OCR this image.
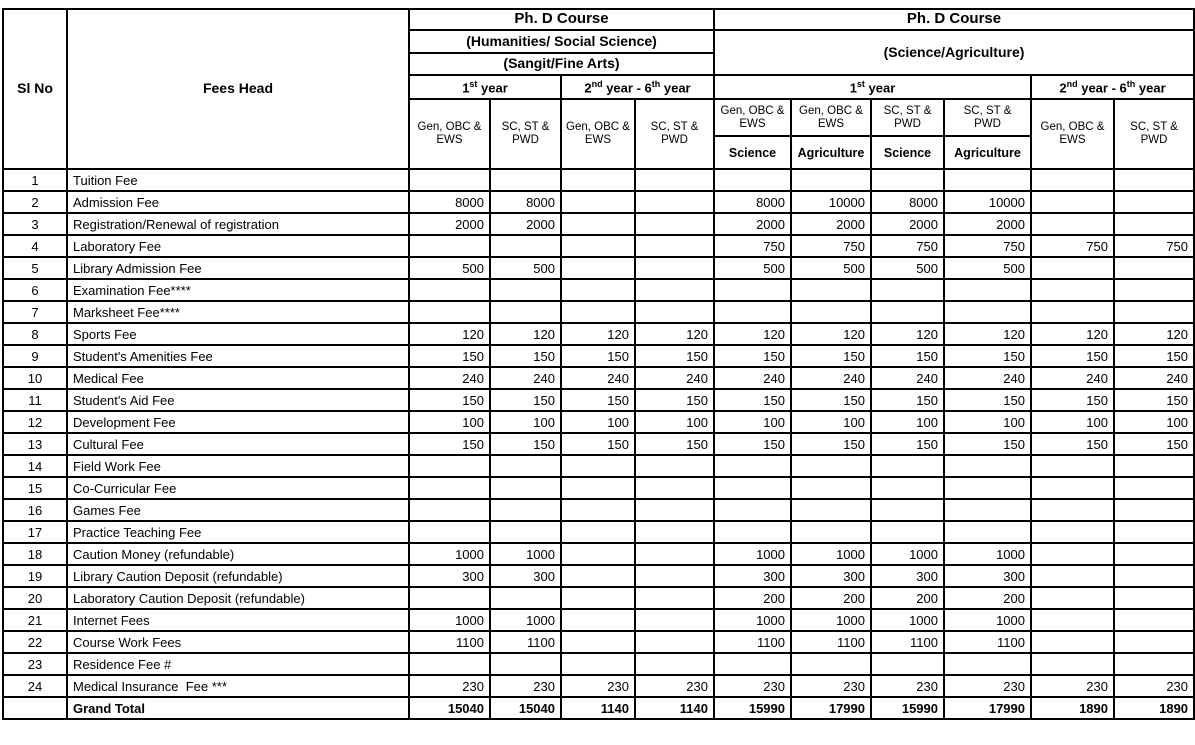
Sl No	Fees Head	Ph. D Course				Ph. D Course					
		(Humanities/ Social Science)				(Science/Agriculture)					
		(Sangit/Fine Arts)									
		1st year		2nd year - 6th year		1st year				2nd year - 6th year	
		Gen, OBC & EWS	SC, ST & PWD	Gen, OBC & EWS	SC, ST & PWD	Gen, OBC & EWS	Gen, OBC & EWS	SC, ST & PWD	SC, ST & PWD	Gen, OBC & EWS	SC, ST & PWD
						Science	Agriculture	Science	Agriculture		
1	Tuition Fee										
2	Admission Fee	8000	8000			8000	10000	8000	10000		
3	Registration/Renewal of registration	2000	2000			2000	2000	2000	2000		
4	Laboratory Fee					750	750	750	750	750	750
5	Library Admission Fee	500	500			500	500	500	500		
6	Examination Fee****										
7	Marksheet Fee****										
8	Sports Fee	120	120	120	120	120	120	120	120	120	120
9	Student's Amenities Fee	150	150	150	150	150	150	150	150	150	150
10	Medical Fee	240	240	240	240	240	240	240	240	240	240
11	Student's Aid Fee	150	150	150	150	150	150	150	150	150	150
12	Development Fee	100	100	100	100	100	100	100	100	100	100
13	Cultural Fee	150	150	150	150	150	150	150	150	150	150
14	Field Work Fee										
15	Co-Curricular Fee										
16	Games Fee										
17	Practice Teaching Fee										
18	Caution Money (refundable)	1000	1000			1000	1000	1000	1000		
19	Library Caution Deposit (refundable)	300	300			300	300	300	300		
20	Laboratory Caution Deposit (refundable)					200	200	200	200		
21	Internet Fees	1000	1000			1000	1000	1000	1000		
22	Course Work Fees	1100	1100			1100	1100	1100	1100		
23	Residence Fee #										
24	Medical Insurance  Fee ***	230	230	230	230	230	230	230	230	230	230
	Grand Total	15040	15040	1140	1140	15990	17990	15990	17990	1890	1890
